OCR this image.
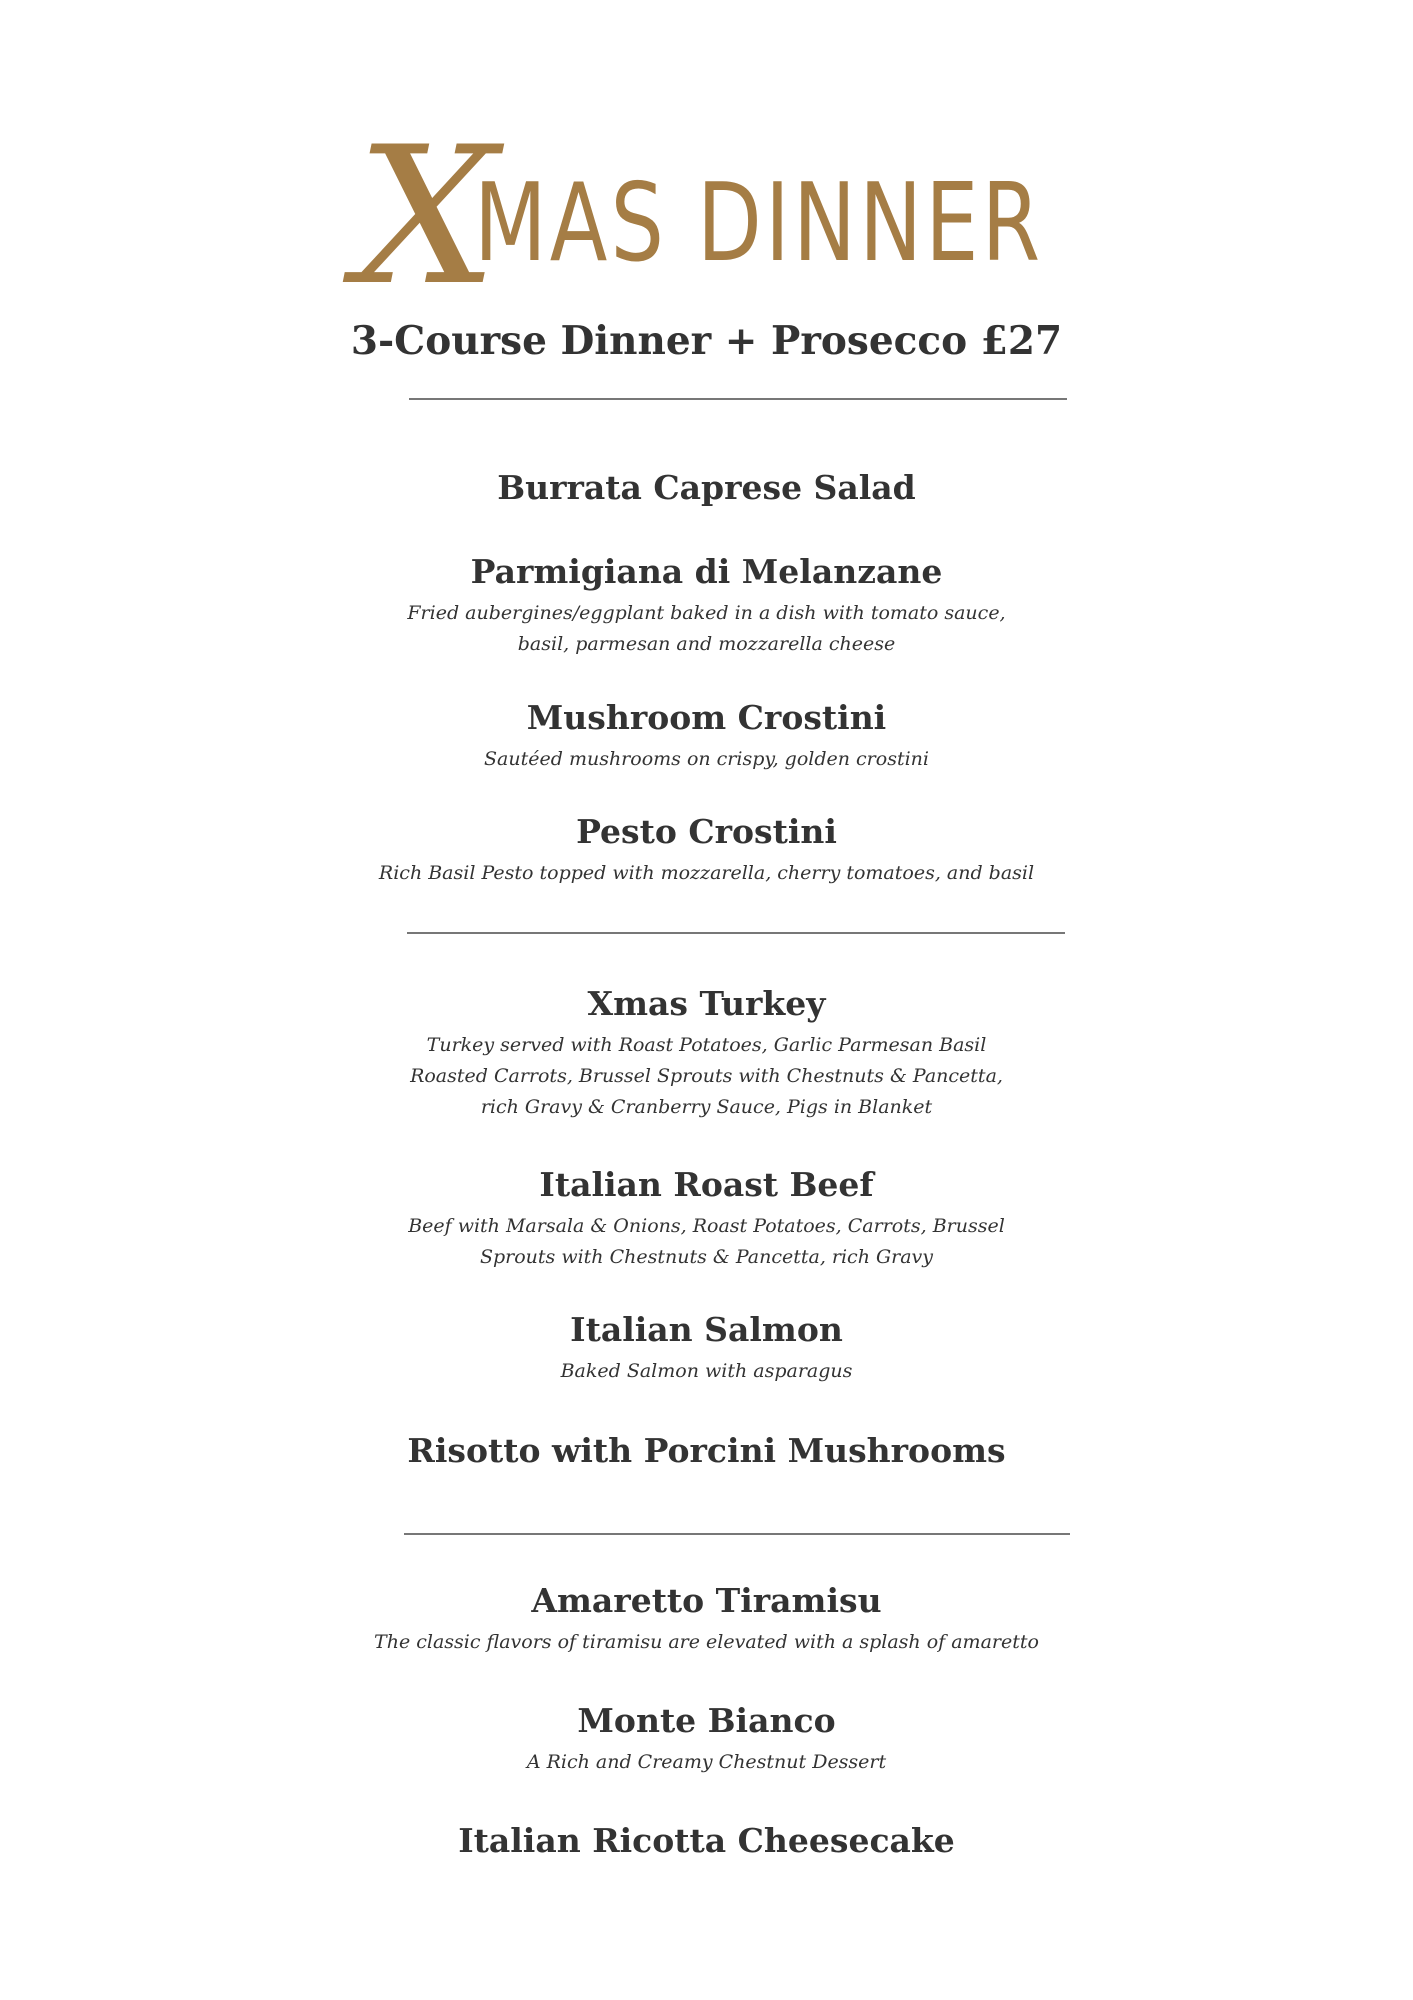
XMAS DINNER
3-Course Dinner + Prosecco £27
Burrata Caprese Salad
Parmigiana di Melanzane
Fried aubergines/eggplant baked in a dish with tomato sauce, basil, parmesan and mozzarella cheese
Mushroom Crostini
Sautéed mushrooms on crispy, golden crostini
Pesto Crostini
Rich Basil Pesto topped with mozzarella, cherry tomatoes, and basil
Xmas Turkey
Turkey served with Roast Potatoes, Garlic Parmesan Basil Roasted Carrots, Brussel Sprouts with Chestnuts & Pancetta, rich Gravy & Cranberry Sauce, Pigs in Blanket
Italian Roast Beef
Beef with Marsala & Onions, Roast Potatoes, Carrots, Brussel Sprouts with Chestnuts & Pancetta, rich Gravy
Italian Salmon
Baked Salmon with asparagus
Risotto with Porcini Mushrooms
Amaretto Tiramisu
The classic flavors of tiramisu are elevated with a splash of amaretto
Monte Bianco
A Rich and Creamy Chestnut Dessert
Italian Ricotta Cheesecake
